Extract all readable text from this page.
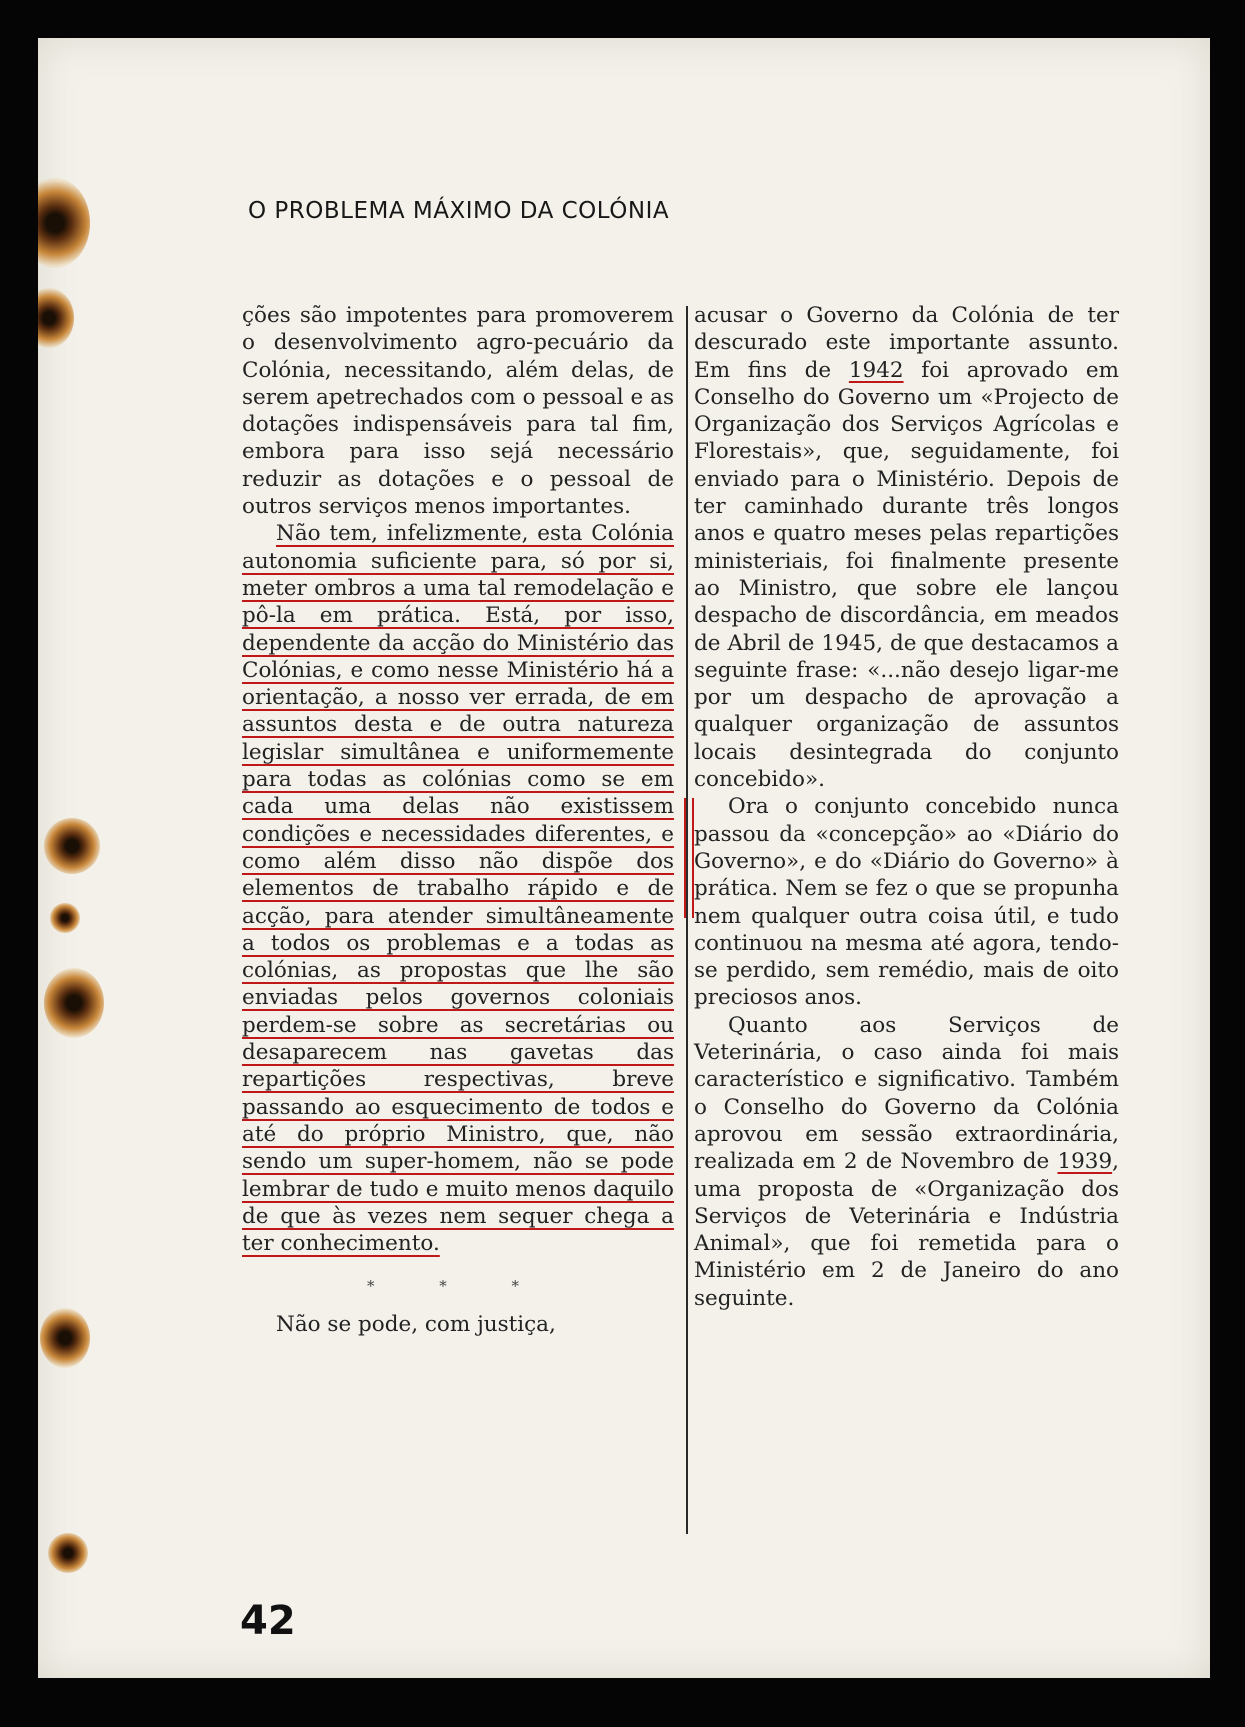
O PROBLEMA MÁXIMO DA COLÓNIA

ções são impotentes para promoverem o desenvolvimento agro-pecuário da Colónia, necessitando, além delas, de serem apetrechados com o pessoal e as dotações indispensáveis para tal fim, embora para isso sejá necessário reduzir as dotações e o pessoal de outros serviços menos importantes.

Não tem, infelizmente, esta Colónia autonomia suficiente para, só por si, meter ombros a uma tal remodelação e pô-la em prática. Está, por isso, dependente da acção do Ministério das Colónias, e como nesse Ministério há a orientação, a nosso ver errada, de em assuntos desta e de outra natureza legislar simultânea e uniformemente para todas as colónias como se em cada uma delas não existissem condições e necessidades diferentes, e como além disso não dispõe dos elementos de trabalho rápido e de acção, para atender simultâneamente a todos os problemas e a todas as colónias, as propostas que lhe são enviadas pelos governos coloniais perdem-se sobre as secretárias ou desaparecem nas gavetas das repartições respectivas, breve passando ao esquecimento de todos e até do próprio Ministro, que, não sendo um super-homem, não se pode lembrar de tudo e muito menos daquilo de que às vezes nem sequer chega a ter conhecimento.

* * *

Não se pode, com justiça,

acusar o Governo da Colónia de ter descurado este importante assunto. Em fins de 1942 foi aprovado em Conselho do Governo um «Projecto de Organização dos Serviços Agrícolas e Florestais», que, seguidamente, foi enviado para o Ministério. Depois de ter caminhado durante três longos anos e quatro meses pelas repartições ministeriais, foi finalmente presente ao Ministro, que sobre ele lançou despacho de discordância, em meados de Abril de 1945, de que destacamos a seguinte frase: «...não desejo ligar-me por um despacho de aprovação a qualquer organização de assuntos locais desintegrada do conjunto concebido».

Ora o conjunto concebido nunca passou da «concepção» ao «Diário do Governo», e do «Diário do Governo» à prática. Nem se fez o que se propunha nem qualquer outra coisa útil, e tudo continuou na mesma até agora, tendo-se perdido, sem remédio, mais de oito preciosos anos.

Quanto aos Serviços de Veterinária, o caso ainda foi mais característico e significativo. Também o Conselho do Governo da Colónia aprovou em sessão extraordinária, realizada em 2 de Novembro de 1939, uma proposta de «Organização dos Serviços de Veterinária e Indústria Animal», que foi remetida para o Ministério em 2 de Janeiro do ano seguinte.

42
